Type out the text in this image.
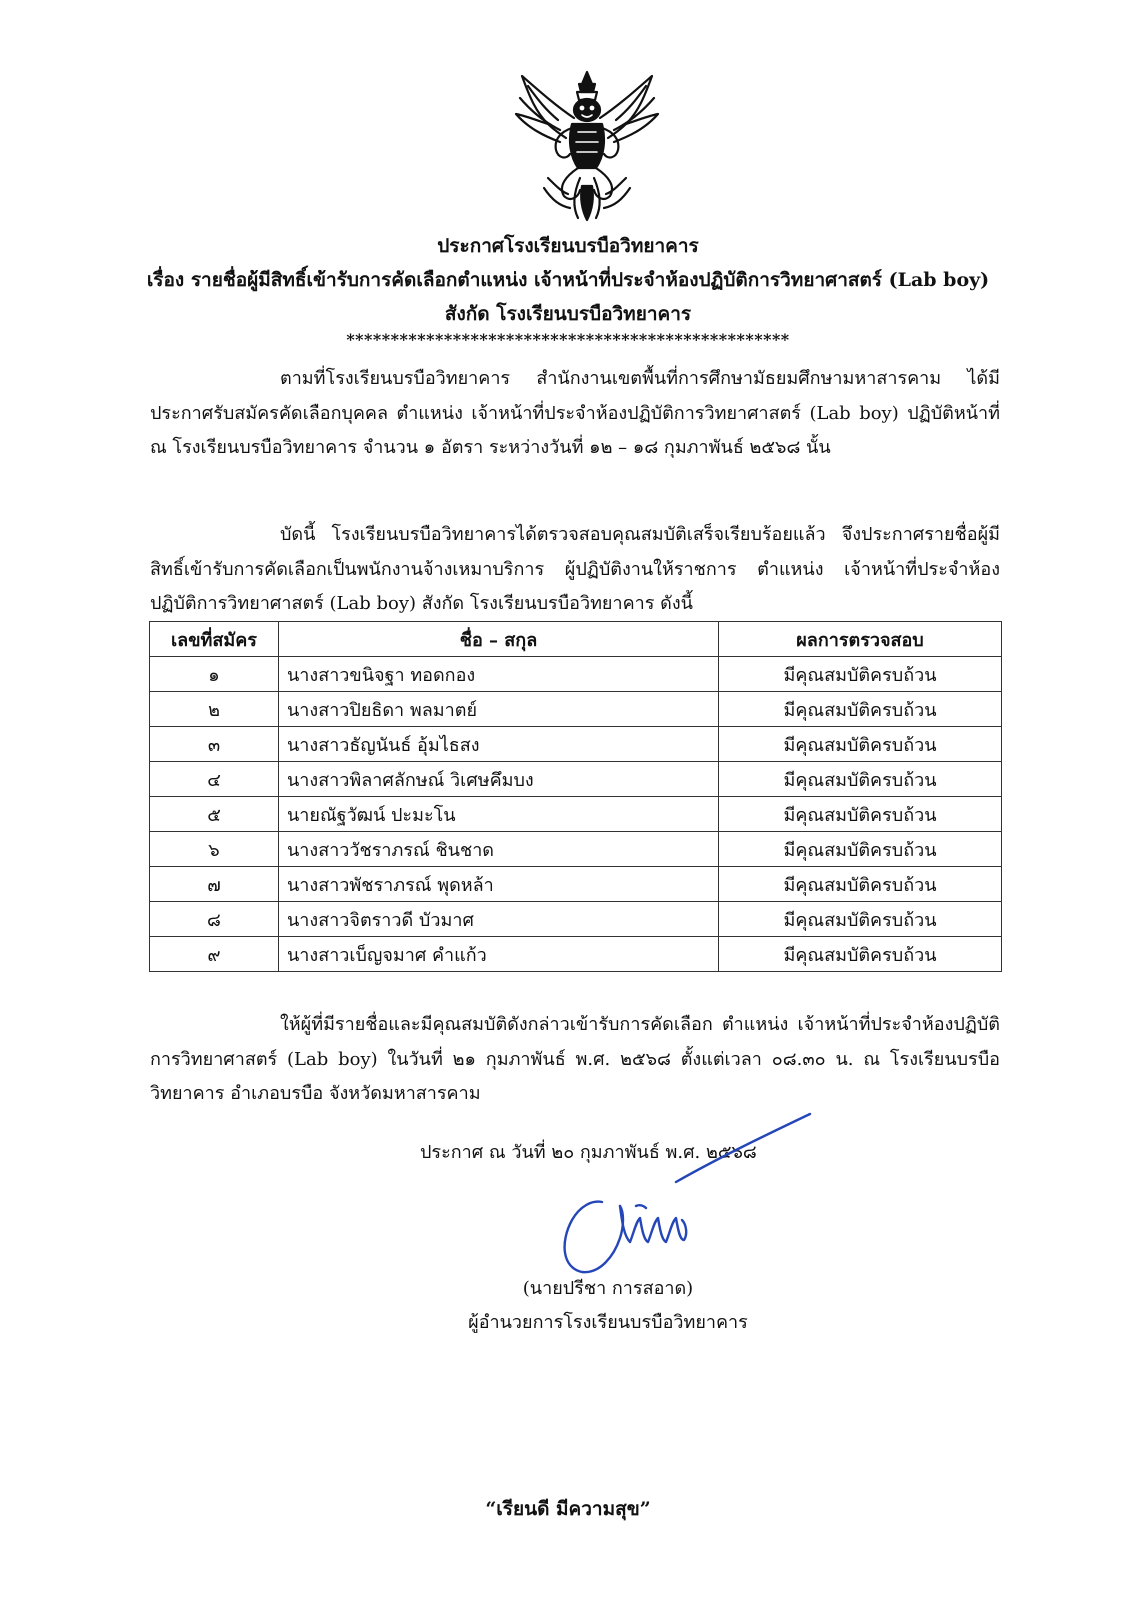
ประกาศโรงเรียนบรบือวิทยาคาร
เรื่อง รายชื่อผู้มีสิทธิ์เข้ารับการคัดเลือกตำแหน่ง เจ้าหน้าที่ประจำห้องปฏิบัติการวิทยาศาสตร์ (Lab boy)
สังกัด โรงเรียนบรบือวิทยาคาร
**************************************************
ตามที่โรงเรียนบรบือวิทยาคาร สำนักงานเขตพื้นที่การศึกษามัธยมศึกษามหาสารคาม ได้มีประกาศรับสมัครคัดเลือกบุคคล ตำแหน่ง เจ้าหน้าที่ประจำห้องปฏิบัติการวิทยาศาสตร์ (Lab boy) ปฏิบัติหน้าที่ ณ โรงเรียนบรบือวิทยาคาร จำนวน ๑ อัตรา ระหว่างวันที่ ๑๒ – ๑๘ กุมภาพันธ์ ๒๕๖๘ นั้น
บัดนี้ โรงเรียนบรบือวิทยาคารได้ตรวจสอบคุณสมบัติเสร็จเรียบร้อยแล้ว จึงประกาศรายชื่อผู้มีสิทธิ์เข้ารับการคัดเลือกเป็นพนักงานจ้างเหมาบริการ ผู้ปฏิบัติงานให้ราชการ ตำแหน่ง เจ้าหน้าที่ประจำห้องปฏิบัติการวิทยาศาสตร์ (Lab boy) สังกัด โรงเรียนบรบือวิทยาคาร ดังนี้
เลขที่สมัคร	ชื่อ – สกุล	ผลการตรวจสอบ
๑	นางสาวขนิจฐา ทอดกอง	มีคุณสมบัติครบถ้วน
๒	นางสาวปิยธิดา พลมาตย์	มีคุณสมบัติครบถ้วน
๓	นางสาวธัญนันธ์ อุ้มไธสง	มีคุณสมบัติครบถ้วน
๔	นางสาวพิลาศลักษณ์ วิเศษคึมบง	มีคุณสมบัติครบถ้วน
๕	นายณัฐวัฒน์ ปะมะโน	มีคุณสมบัติครบถ้วน
๖	นางสาววัชราภรณ์ ชินชาด	มีคุณสมบัติครบถ้วน
๗	นางสาวพัชราภรณ์ พุดหล้า	มีคุณสมบัติครบถ้วน
๘	นางสาวจิตราวดี บัวมาศ	มีคุณสมบัติครบถ้วน
๙	นางสาวเบ็ญจมาศ คำแก้ว	มีคุณสมบัติครบถ้วน
ให้ผู้ที่มีรายชื่อและมีคุณสมบัติดังกล่าวเข้ารับการคัดเลือก ตำแหน่ง เจ้าหน้าที่ประจำห้องปฏิบัติการวิทยาศาสตร์ (Lab boy) ในวันที่ ๒๑ กุมภาพันธ์ พ.ศ. ๒๕๖๘ ตั้งแต่เวลา ๐๘.๓๐ น. ณ โรงเรียนบรบือวิทยาคาร อำเภอบรบือ จังหวัดมหาสารคาม
ประกาศ ณ วันที่ ๒๐ กุมภาพันธ์ พ.ศ. ๒๕๖๘
(นายปรีชา การสอาด)
ผู้อำนวยการโรงเรียนบรบือวิทยาคาร
“เรียนดี มีความสุข”
